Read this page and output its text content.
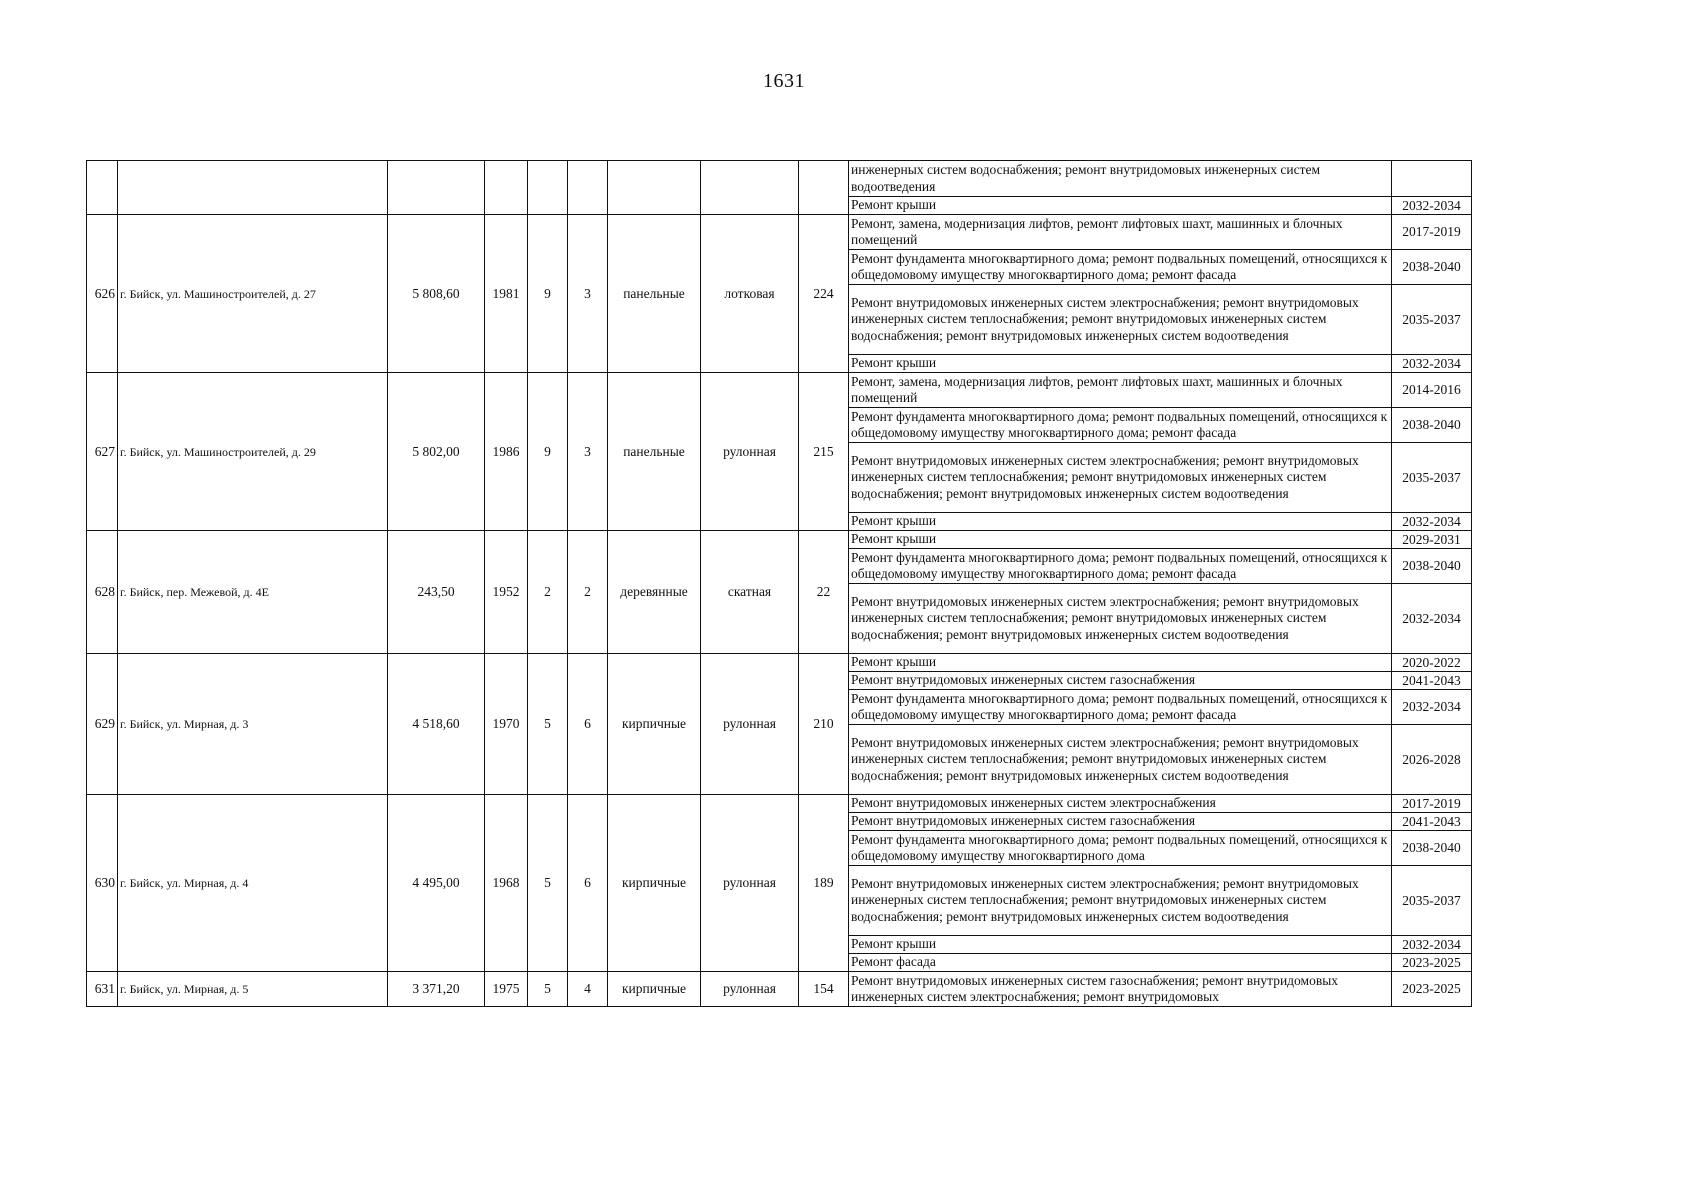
1631
									инженерных систем водоснабжения; ремонт внутридомовых инженерных систем водоотведения	
									Ремонт крыши	2032-2034
626	г. Бийск, ул. Машиностроителей, д. 27	5 808,60	1981	9	3	панельные	лотковая	224	Ремонт, замена, модернизация лифтов, ремонт лифтовых шахт, машинных и блочных помещений	2017-2019
									Ремонт фундамента многоквартирного дома; ремонт подвальных помещений, относящихся к общедомовому имуществу многоквартирного дома; ремонт фасада	2038-2040
									Ремонт внутридомовых инженерных систем электроснабжения; ремонт внутридомовых инженерных систем теплоснабжения; ремонт внутридомовых инженерных систем водоснабжения; ремонт внутридомовых инженерных систем водоотведения	2035-2037
									Ремонт крыши	2032-2034
627	г. Бийск, ул. Машиностроителей, д. 29	5 802,00	1986	9	3	панельные	рулонная	215	Ремонт, замена, модернизация лифтов, ремонт лифтовых шахт, машинных и блочных помещений	2014-2016
									Ремонт фундамента многоквартирного дома; ремонт подвальных помещений, относящихся к общедомовому имуществу многоквартирного дома; ремонт фасада	2038-2040
									Ремонт внутридомовых инженерных систем электроснабжения; ремонт внутридомовых инженерных систем теплоснабжения; ремонт внутридомовых инженерных систем водоснабжения; ремонт внутридомовых инженерных систем водоотведения	2035-2037
									Ремонт крыши	2032-2034
628	г. Бийск, пер. Межевой, д. 4Е	243,50	1952	2	2	деревянные	скатная	22	Ремонт крыши	2029-2031
									Ремонт фундамента многоквартирного дома; ремонт подвальных помещений, относящихся к общедомовому имуществу многоквартирного дома; ремонт фасада	2038-2040
									Ремонт внутридомовых инженерных систем электроснабжения; ремонт внутридомовых инженерных систем теплоснабжения; ремонт внутридомовых инженерных систем водоснабжения; ремонт внутридомовых инженерных систем водоотведения	2032-2034
629	г. Бийск, ул. Мирная, д. 3	4 518,60	1970	5	6	кирпичные	рулонная	210	Ремонт крыши	2020-2022
									Ремонт внутридомовых инженерных систем газоснабжения	2041-2043
									Ремонт фундамента многоквартирного дома; ремонт подвальных помещений, относящихся к общедомовому имуществу многоквартирного дома; ремонт фасада	2032-2034
									Ремонт внутридомовых инженерных систем электроснабжения; ремонт внутридомовых инженерных систем теплоснабжения; ремонт внутридомовых инженерных систем водоснабжения; ремонт внутридомовых инженерных систем водоотведения	2026-2028
630	г. Бийск, ул. Мирная, д. 4	4 495,00	1968	5	6	кирпичные	рулонная	189	Ремонт внутридомовых инженерных систем электроснабжения	2017-2019
									Ремонт внутридомовых инженерных систем газоснабжения	2041-2043
									Ремонт фундамента многоквартирного дома; ремонт подвальных помещений, относящихся к общедомовому имуществу многоквартирного дома	2038-2040
									Ремонт внутридомовых инженерных систем электроснабжения; ремонт внутридомовых инженерных систем теплоснабжения; ремонт внутридомовых инженерных систем водоснабжения; ремонт внутридомовых инженерных систем водоотведения	2035-2037
									Ремонт крыши	2032-2034
									Ремонт фасада	2023-2025
631	г. Бийск, ул. Мирная, д. 5	3 371,20	1975	5	4	кирпичные	рулонная	154	Ремонт внутридомовых инженерных систем газоснабжения; ремонт внутридомовых инженерных систем электроснабжения; ремонт внутридомовых	2023-2025
